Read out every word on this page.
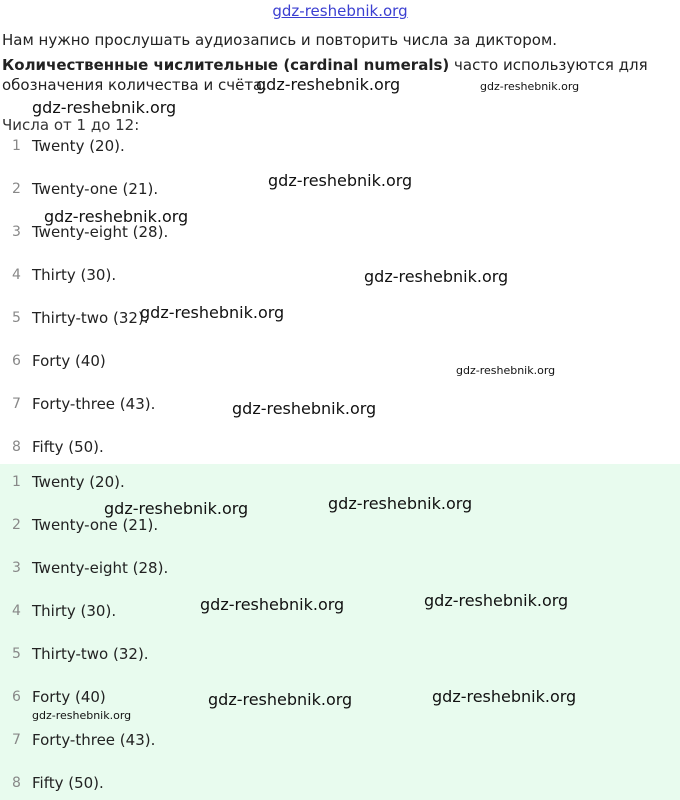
gdz-reshebnik.org

Нам нужно прослушать аудиозапись и повторить числа за диктором.

Количественные числительные (cardinal numerals) часто используются для обозначения количества и счёта.

Числа от 1 до 12:
1 Twenty (20).
2 Twenty-one (21).
3 Twenty-eight (28).
4 Thirty (30).
5 Thirty-two (32).
6 Forty (40)
7 Forty-three (43).
8 Fifty (50).
1 Twenty (20).
2 Twenty-one (21).
3 Twenty-eight (28).
4 Thirty (30).
5 Thirty-two (32).
6 Forty (40)
7 Forty-three (43).
8 Fifty (50).
gdz-reshebnik.org	gdz-reshebnik.org
gdz-reshebnik.org
gdz-reshebnik.org
gdz-reshebnik.org
gdz-reshebnik.org
gdz-reshebnik.org
gdz-reshebnik.org
gdz-reshebnik.org
gdz-reshebnik.org	gdz-reshebnik.org
gdz-reshebnik.org	gdz-reshebnik.org
gdz-reshebnik.org	gdz-reshebnik.org
gdz-reshebnik.org
